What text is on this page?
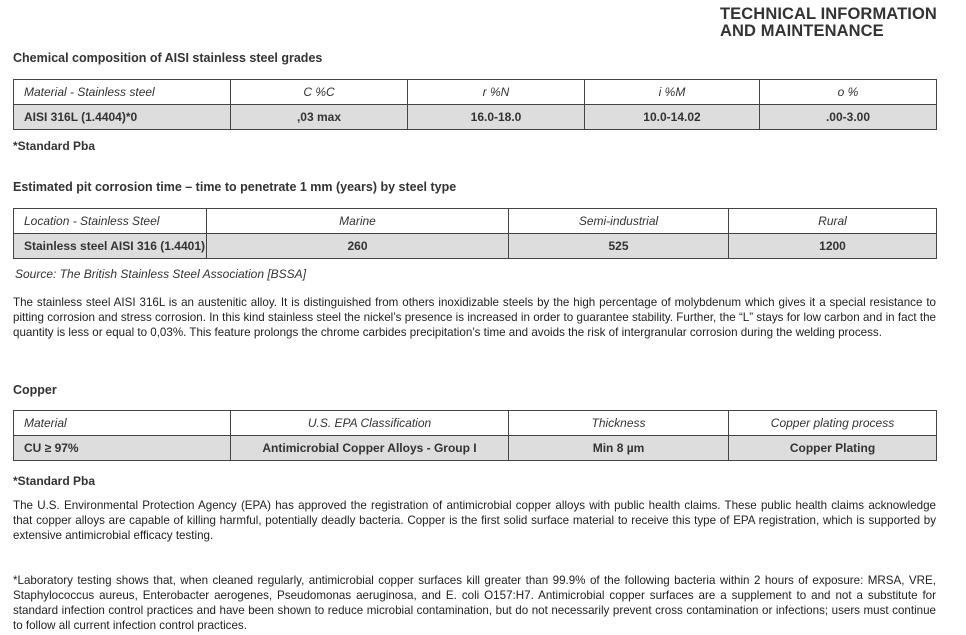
TECHNICAL INFORMATION
AND MAINTENANCE
Chemical composition of AISI stainless steel grades
Material - Stainless steel	C %C	r %N	i %M	o %
AISI 316L (1.4404)*0	,03 max	16.0-18.0	10.0-14.02	.00-3.00
*Standard Pba
Estimated pit corrosion time – time to penetrate 1 mm (years) by steel type
Location - Stainless Steel	Marine	Semi-industrial	Rural
Stainless steel AISI 316 (1.4401)	260	525	1200
Source: The British Stainless Steel Association [BSSA]

The stainless steel AISI 316L is an austenitic alloy. It is distinguished from others inoxidizable steels by the high percentage of molybdenum which gives it a special resistance to pitting corrosion and stress corrosion. In this kind stainless steel the nickel’s presence is increased in order to guarantee stability. Further, the “L” stays for low carbon and in fact the quantity is less or equal to 0,03%. This feature prolongs the chrome carbides precipitation’s time and avoids the risk of intergranular corrosion during the welding process.

Copper
Material	U.S. EPA Classification	Thickness	Copper plating process
CU ≥ 97%	Antimicrobial Copper Alloys - Group I	Min 8 µm	Copper Plating
*Standard Pba

The U.S. Environmental Protection Agency (EPA) has approved the registration of antimicrobial copper alloys with public health claims. These public health claims acknowledge that copper alloys are capable of killing harmful, potentially deadly bacteria. Copper is the first solid surface material to receive this type of EPA registration, which is supported by extensive antimicrobial efficacy testing.

*Laboratory testing shows that, when cleaned regularly, antimicrobial copper surfaces kill greater than 99.9% of the following bacteria within 2 hours of exposure: MRSA, VRE, Staphylococcus aureus, Enterobacter aerogenes, Pseudomonas aeruginosa, and E. coli O157:H7. Antimicrobial copper surfaces are a supplement to and not a substitute for standard infection control practices and have been shown to reduce microbial contamination, but do not necessarily prevent cross contamination or infections; users must continue to follow all current infection control practices.
